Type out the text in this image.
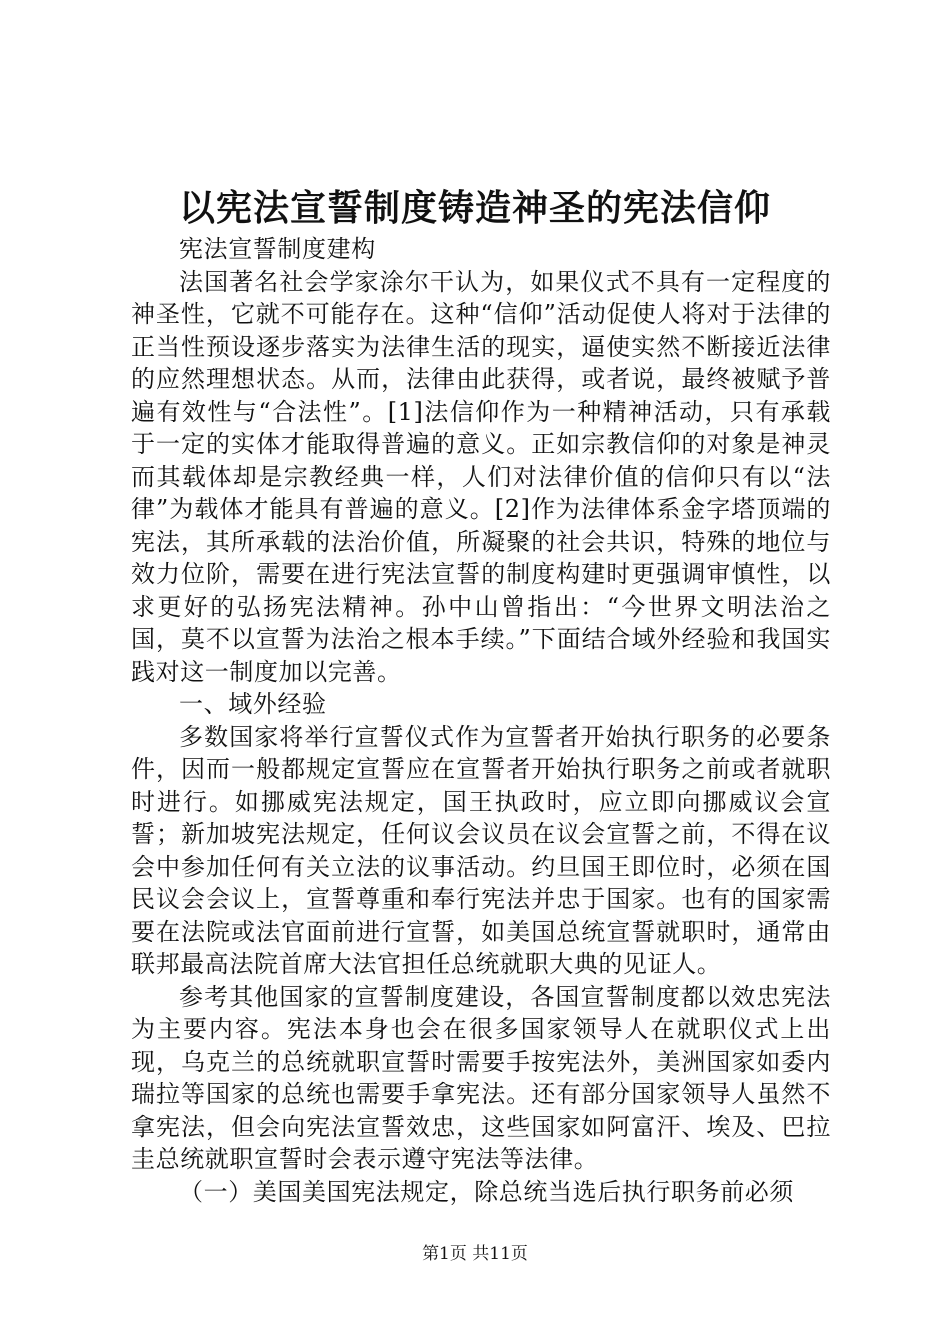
以宪法宣誓制度铸造神圣的宪法信仰

宪法宣誓制度建构

法国著名社会学家涂尔干认为，如果仪式不具有一定程度的神圣性，它就不可能存在。这种“信仰”活动促使人将对于法律的正当性预设逐步落实为法律生活的现实，逼使实然不断接近法律的应然理想状态。从而，法律由此获得，或者说，最终被赋予普遍有效性与“合法性”。[1]法信仰作为一种精神活动，只有承载于一定的实体才能取得普遍的意义。正如宗教信仰的对象是神灵而其载体却是宗教经典一样，人们对法律价值的信仰只有以“法律”为载体才能具有普遍的意义。[2]作为法律体系金字塔顶端的宪法，其所承载的法治价值，所凝聚的社会共识，特殊的地位与效力位阶，需要在进行宪法宣誓的制度构建时更强调审慎性，以求更好的弘扬宪法精神。孙中山曾指出：“今世界文明法治之国，莫不以宣誓为法治之根本手续。”下面结合域外经验和我国实践对这一制度加以完善。

一、域外经验

多数国家将举行宣誓仪式作为宣誓者开始执行职务的必要条件，因而一般都规定宣誓应在宣誓者开始执行职务之前或者就职时进行。如挪威宪法规定，国王执政时，应立即向挪威议会宣誓；新加坡宪法规定，任何议会议员在议会宣誓之前，不得在议会中参加任何有关立法的议事活动。约旦国王即位时，必须在国民议会会议上，宣誓尊重和奉行宪法并忠于国家。也有的国家需要在法院或法官面前进行宣誓，如美国总统宣誓就职时，通常由联邦最高法院首席大法官担任总统就职大典的见证人。

参考其他国家的宣誓制度建设，各国宣誓制度都以效忠宪法为主要内容。宪法本身也会在很多国家领导人在就职仪式上出现，乌克兰的总统就职宣誓时需要手按宪法外，美洲国家如委内瑞拉等国家的总统也需要手拿宪法。还有部分国家领导人虽然不拿宪法，但会向宪法宣誓效忠，这些国家如阿富汗、埃及、巴拉圭总统就职宣誓时会表示遵守宪法等法律。

（一）美国美国宪法规定，除总统当选后执行职务前必须

第1页 共11页
